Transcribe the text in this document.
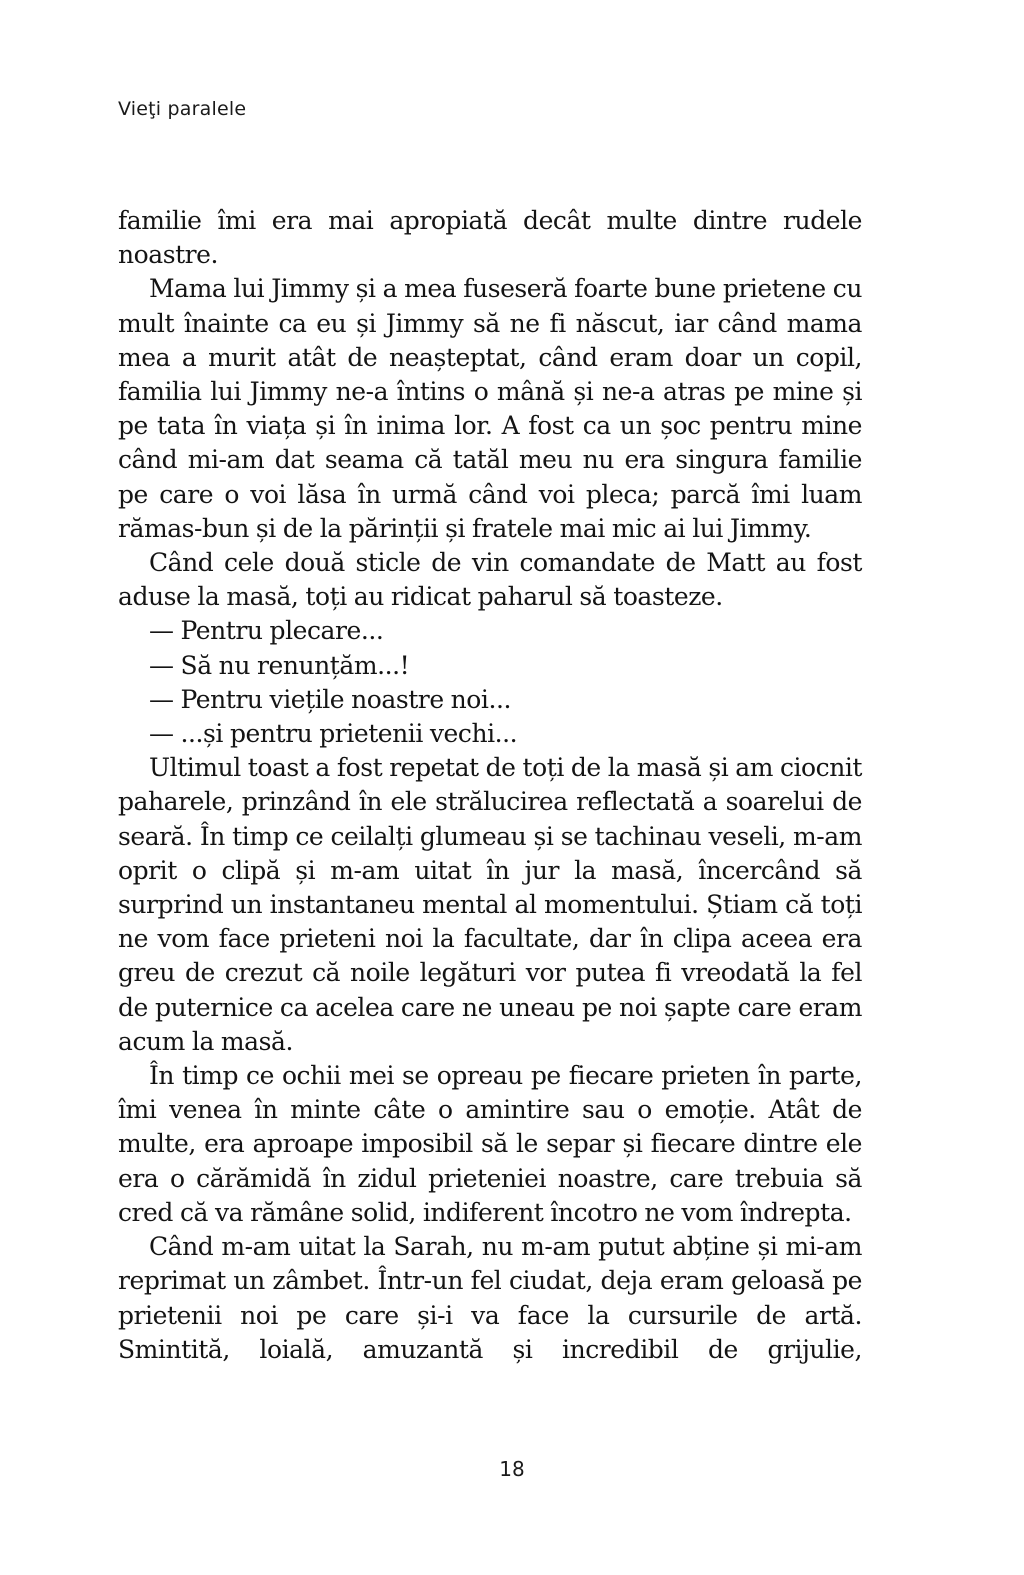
Vieţi paralele

familie îmi era mai apropiată decât multe dintre rudele noastre.

Mama lui Jimmy și a mea fuseseră foarte bune prietene cu mult înainte ca eu și Jimmy să ne fi născut, iar când mama mea a murit atât de neașteptat, când eram doar un copil, familia lui Jimmy ne-a întins o mână și ne-a atras pe mine și pe tata în viața și în inima lor. A fost ca un șoc pentru mine când mi-am dat seama că tatăl meu nu era singura familie pe care o voi lăsa în urmă când voi pleca; parcă îmi luam rămas-bun și de la părinții și fratele mai mic ai lui Jimmy.

Când cele două sticle de vin comandate de Matt au fost aduse la masă, toți au ridicat paharul să toasteze.

— Pentru plecare...

— Să nu renunțăm...!

— Pentru viețile noastre noi...

— ...și pentru prietenii vechi...

Ultimul toast a fost repetat de toți de la masă și am ciocnit paharele, prinzând în ele strălucirea reflectată a soarelui de seară. În timp ce ceilalți glumeau și se tachinau veseli, m-am oprit o clipă și m-am uitat în jur la masă, încercând să surprind un instantaneu mental al momentului. Știam că toți ne vom face prieteni noi la facultate, dar în clipa aceea era greu de crezut că noile legături vor putea fi vreodată la fel de puternice ca acelea care ne uneau pe noi șapte care eram acum la masă.

În timp ce ochii mei se opreau pe fiecare prieten în parte, îmi venea în minte câte o amintire sau o emoție. Atât de multe, era aproape imposibil să le separ și fiecare dintre ele era o cărămidă în zidul prieteniei noastre, care trebuia să cred că va rămâne solid, indiferent încotro ne vom îndrepta.

Când m-am uitat la Sarah, nu m-am putut abține și mi-am reprimat un zâmbet. Într-un fel ciudat, deja eram geloasă pe prietenii noi pe care și-i va face la cursurile de artă. Smintită, loială, amuzantă și incredibil de grijulie,

18
